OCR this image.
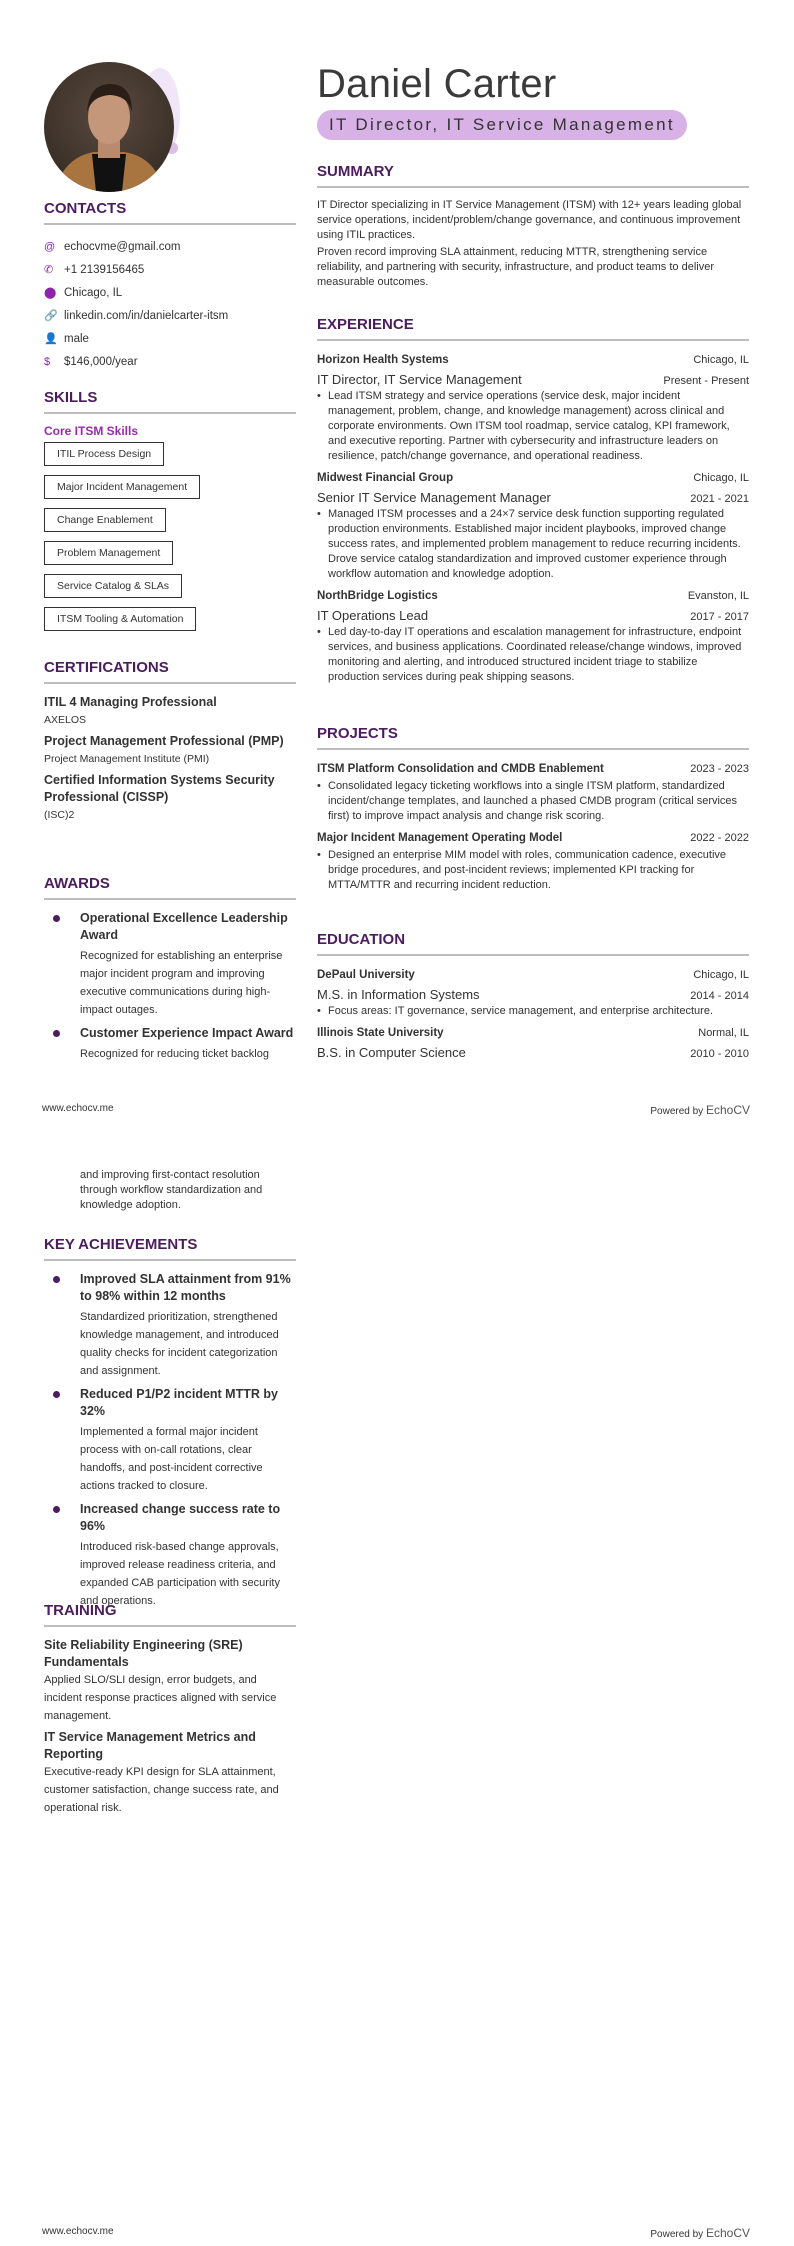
Daniel Carter
IT Director, IT Service Management
CONTACTS
@ echocvme@gmail.com
✆ +1 2139156465
⬤ Chicago, IL
🔗 linkedin.com/in/danielcarter-itsm
👤 male
$	$146,000/year
SKILLS
Core ITSM Skills
ITIL Process Design
Major Incident Management
Change Enablement
Problem Management
Service Catalog & SLAs
ITSM Tooling & Automation
CERTIFICATIONS
ITIL 4 Managing Professional
AXELOS
Project Management Professional (PMP)
Project Management Institute (PMI)
Certified Information Systems Security Professional (CISSP)
(ISC)2
AWARDS
Operational Excellence Leadership Award
Recognized for establishing an enterprise major incident program and improving executive communications during high-impact outages.
Customer Experience Impact Award
Recognized for reducing ticket backlog
SUMMARY

IT Director specializing in IT Service Management (ITSM) with 12+ years leading global service operations, incident/problem/change governance, and continuous improvement using ITIL practices.

Proven record improving SLA attainment, reducing MTTR, strengthening service reliability, and partnering with security, infrastructure, and product teams to deliver measurable outcomes.

EXPERIENCE
Horizon Health Systems	Chicago, IL
IT Director, IT Service Management	Present - Present
• Lead ITSM strategy and service operations (service desk, major incident management, problem, change, and knowledge management) across clinical and corporate environments. Own ITSM tool roadmap, service catalog, KPI framework, and executive reporting. Partner with cybersecurity and infrastructure leaders on resilience, patch/change governance, and operational readiness.
Midwest Financial Group	Chicago, IL
Senior IT Service Management Manager	2021 - 2021
• Managed ITSM processes and a 24×7 service desk function supporting regulated production environments. Established major incident playbooks, improved change success rates, and implemented problem management to reduce recurring incidents. Drove service catalog standardization and improved customer experience through workflow automation and knowledge adoption.
NorthBridge Logistics	Evanston, IL
IT Operations Lead	2017 - 2017
• Led day-to-day IT operations and escalation management for infrastructure, endpoint services, and business applications. Coordinated release/change windows, improved monitoring and alerting, and introduced structured incident triage to stabilize production services during peak shipping seasons.
PROJECTS
ITSM Platform Consolidation and CMDB Enablement	2023 - 2023
• Consolidated legacy ticketing workflows into a single ITSM platform, standardized incident/change templates, and launched a phased CMDB program (critical services first) to improve impact analysis and change risk scoring.
Major Incident Management Operating Model	2022 - 2022
• Designed an enterprise MIM model with roles, communication cadence, executive bridge procedures, and post-incident reviews; implemented KPI tracking for MTTA/MTTR and recurring incident reduction.
EDUCATION
DePaul University	Chicago, IL
M.S. in Information Systems	2014 - 2014
• Focus areas: IT governance, service management, and enterprise architecture.
Illinois State University	Normal, IL
B.S. in Computer Science	2010 - 2010
www.echocv.me	Powered by EchoCV
and improving first-contact resolution through workflow standardization and knowledge adoption.
KEY ACHIEVEMENTS
Improved SLA attainment from 91% to 98% within 12 months
Standardized prioritization, strengthened knowledge management, and introduced quality checks for incident categorization and assignment.
Reduced P1/P2 incident MTTR by 32%
Implemented a formal major incident process with on-call rotations, clear handoffs, and post-incident corrective actions tracked to closure.
Increased change success rate to 96%
Introduced risk-based change approvals, improved release readiness criteria, and expanded CAB participation with security and operations.
TRAINING
Site Reliability Engineering (SRE) Fundamentals
Applied SLO/SLI design, error budgets, and incident response practices aligned with service management.
IT Service Management Metrics and Reporting
Executive-ready KPI design for SLA attainment, customer satisfaction, change success rate, and operational risk.
www.echocv.me	Powered by EchoCV
